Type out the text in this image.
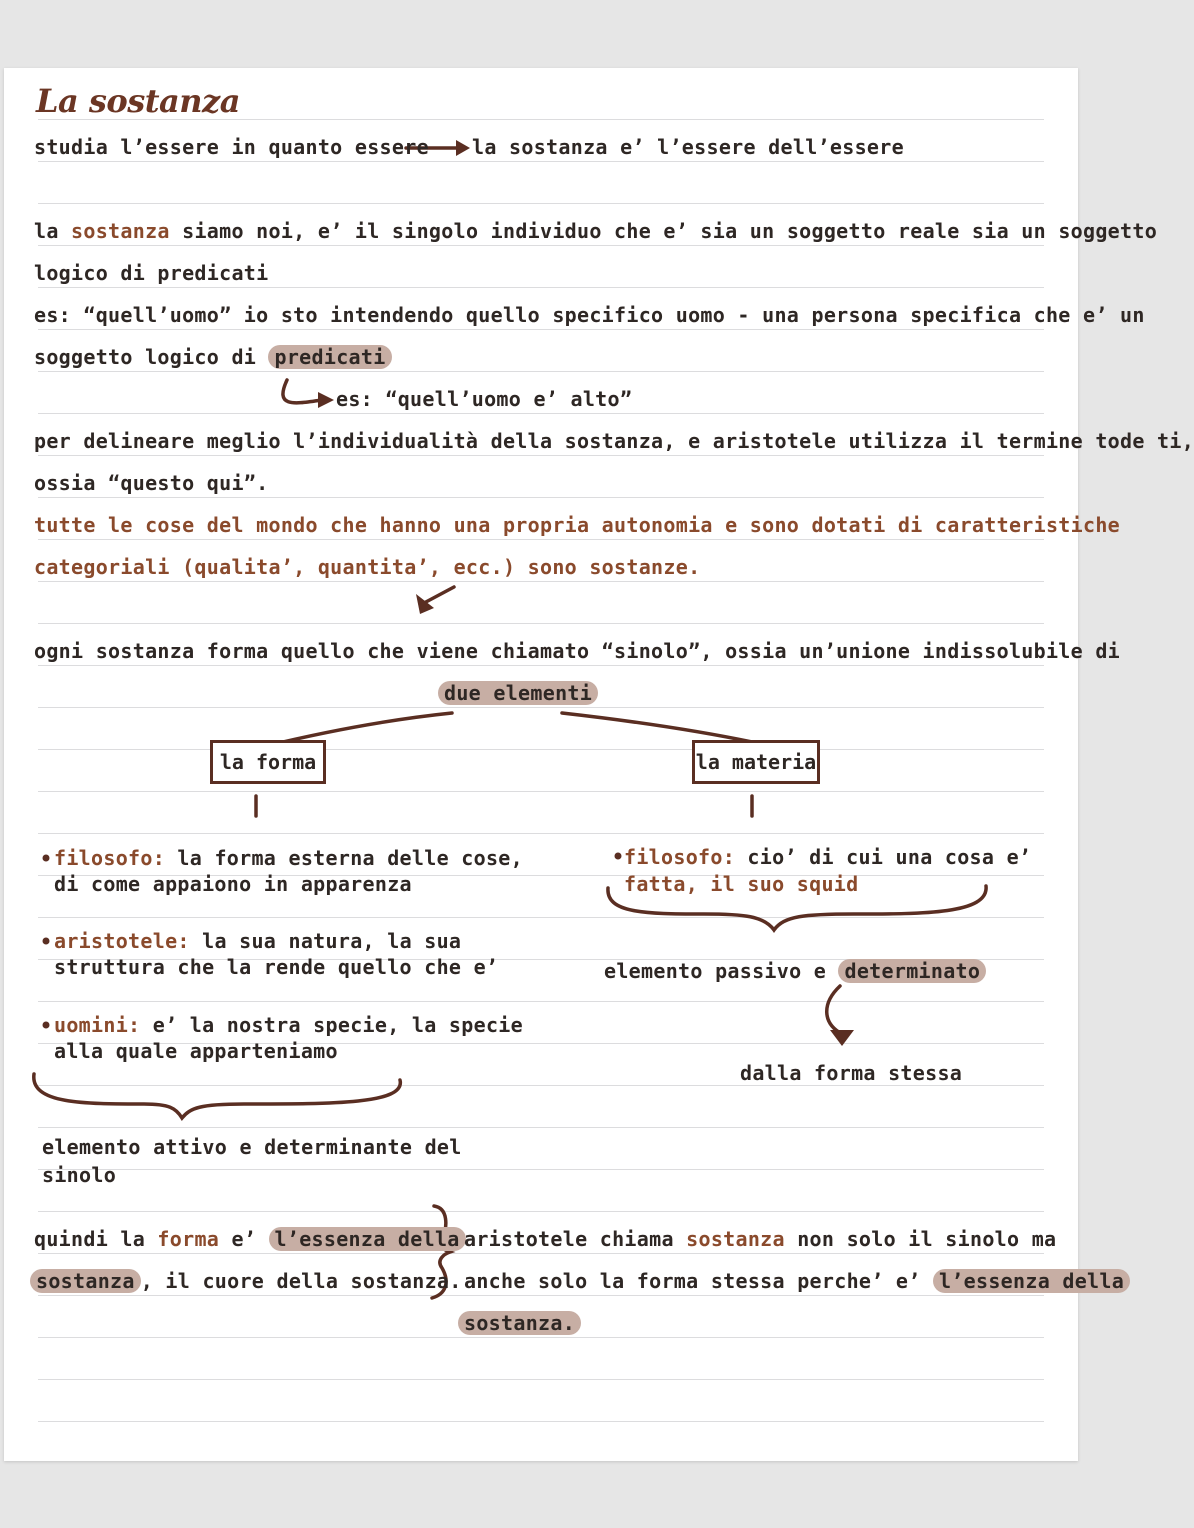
La sostanza
studia l’essere in quanto essere la sostanza e’ l’essere dell’essere
la sostanza siamo noi, e’ il singolo individuo che e’ sia un soggetto reale sia un soggetto
logico di predicati
es: “quell’uomo” io sto intendendo quello specifico uomo - una persona specifica che e’ un
soggetto logico di predicati
es: “quell’uomo e’ alto”
per delineare meglio l’individualità della sostanza, e aristotele utilizza il termine tode ti,
ossia “questo qui”.
tutte le cose del mondo che hanno una propria autonomia e sono dotati di caratteristiche
categoriali (qualita’, quantita’, ecc.) sono sostanze.
ogni sostanza forma quello che viene chiamato “sinolo”, ossia un’unione indissolubile di
due elementi
la forma	la materia
filosofo: la forma esterna delle cose,
di come appaiono in apparenza
aristotele: la sua natura, la sua
struttura che la rende quello che e’
uomini: e’ la nostra specie, la specie
alla quale apparteniamo
elemento attivo e determinante del
sinolo
filosofo: cio’ di cui una cosa e’
fatta, il suo squid
elemento passivo e determinato
dalla forma stessa
quindi la forma e’ l’essenza della
sostanza , il cuore della sostanza.
aristotele chiama sostanza non solo il sinolo ma
anche solo la forma stessa perche’ e’ l’essenza della
sostanza.
